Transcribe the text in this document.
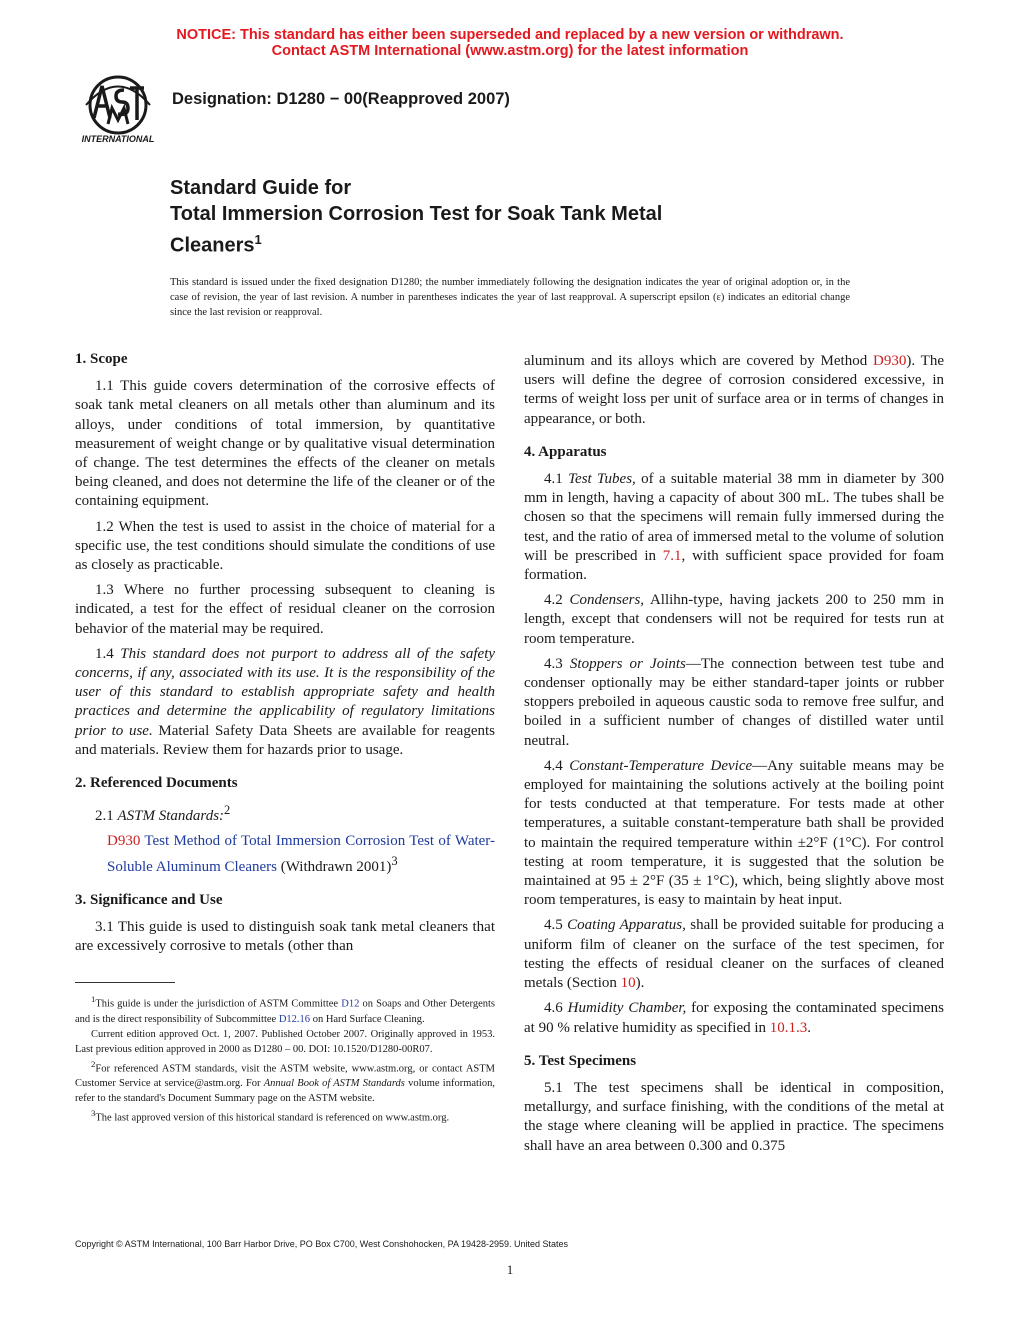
NOTICE: This standard has either been superseded and replaced by a new version or withdrawn.
Contact ASTM International (www.astm.org) for the latest information
INTERNATIONAL
Designation: D1280 − 00(Reapproved 2007)
Standard Guide for
Total Immersion Corrosion Test for Soak Tank Metal
Cleaners$^1$
This standard is issued under the fixed designation D1280; the number immediately following the designation indicates the year of original adoption or, in the case of revision, the year of last revision. A number in parentheses indicates the year of last reapproval. A superscript epsilon (ε) indicates an editorial change since the last revision or reapproval.
1. Scope

1.1 This guide covers determination of the corrosive effects of soak tank metal cleaners on all metals other than aluminum and its alloys, under conditions of total immersion, by quantitative measurement of weight change or by qualitative visual determination of change. The test determines the effects of the cleaner on metals being cleaned, and does not determine the life of the cleaner or of the containing equipment.

1.2 When the test is used to assist in the choice of material for a specific use, the test conditions should simulate the conditions of use as closely as practicable.

1.3 Where no further processing subsequent to cleaning is indicated, a test for the effect of residual cleaner on the corrosion behavior of the material may be required.

1.4 This standard does not purport to address all of the safety concerns, if any, associated with its use. It is the responsibility of the user of this standard to establish appropriate safety and health practices and determine the applicability of regulatory limitations prior to use. Material Safety Data Sheets are available for reagents and materials. Review them for hazards prior to usage.

2. Referenced Documents

2.1 ASTM Standards:$^2$

D930 Test Method of Total Immersion Corrosion Test of Water-Soluble Aluminum Cleaners (Withdrawn 2001)$^3$

3. Significance and Use

3.1 This guide is used to distinguish soak tank metal cleaners that are excessively corrosive to metals (other than

aluminum and its alloys which are covered by Method D930). The users will define the degree of corrosion considered excessive, in terms of weight loss per unit of surface area or in terms of changes in appearance, or both.

4. Apparatus

4.1 Test Tubes, of a suitable material 38 mm in diameter by 300 mm in length, having a capacity of about 300 mL. The tubes shall be chosen so that the specimens will remain fully immersed during the test, and the ratio of area of immersed metal to the volume of solution will be prescribed in 7.1, with sufficient space provided for foam formation.

4.2 Condensers, Allihn-type, having jackets 200 to 250 mm in length, except that condensers will not be required for tests run at room temperature.

4.3 Stoppers or Joints—The connection between test tube and condenser optionally may be either standard-taper joints or rubber stoppers preboiled in aqueous caustic soda to remove free sulfur, and boiled in a sufficient number of changes of distilled water until neutral.

4.4 Constant-Temperature Device—Any suitable means may be employed for maintaining the solutions actively at the boiling point for tests conducted at that temperature. For tests made at other temperatures, a suitable constant-temperature bath shall be provided to maintain the required temperature within ±2°F (1°C). For control testing at room temperature, it is suggested that the solution be maintained at 95 ± 2°F (35 ± 1°C), which, being slightly above most room temperatures, is easy to maintain by heat input.

4.5 Coating Apparatus, shall be provided suitable for producing a uniform film of cleaner on the surface of the test specimen, for testing the effects of residual cleaner on the surfaces of cleaned metals (Section 10).

4.6 Humidity Chamber, for exposing the contaminated specimens at 90 % relative humidity as specified in 10.1.3.

5. Test Specimens

5.1 The test specimens shall be identical in composition, metallurgy, and surface finishing, with the conditions of the metal at the stage where cleaning will be applied in practice. The specimens shall have an area between 0.300 and 0.375

$^1$This guide is under the jurisdiction of ASTM Committee D12 on Soaps and Other Detergents and is the direct responsibility of Subcommittee D12.16 on Hard Surface Cleaning.

Current edition approved Oct. 1, 2007. Published October 2007. Originally approved in 1953. Last previous edition approved in 2000 as D1280 – 00. DOI: 10.1520/D1280-00R07.

$^2$For referenced ASTM standards, visit the ASTM website, www.astm.org, or contact ASTM Customer Service at service@astm.org. For Annual Book of ASTM Standards volume information, refer to the standard's Document Summary page on the ASTM website.

$^3$The last approved version of this historical standard is referenced on www.astm.org.

Copyright © ASTM International, 100 Barr Harbor Drive, PO Box C700, West Conshohocken, PA 19428-2959. United States
1
